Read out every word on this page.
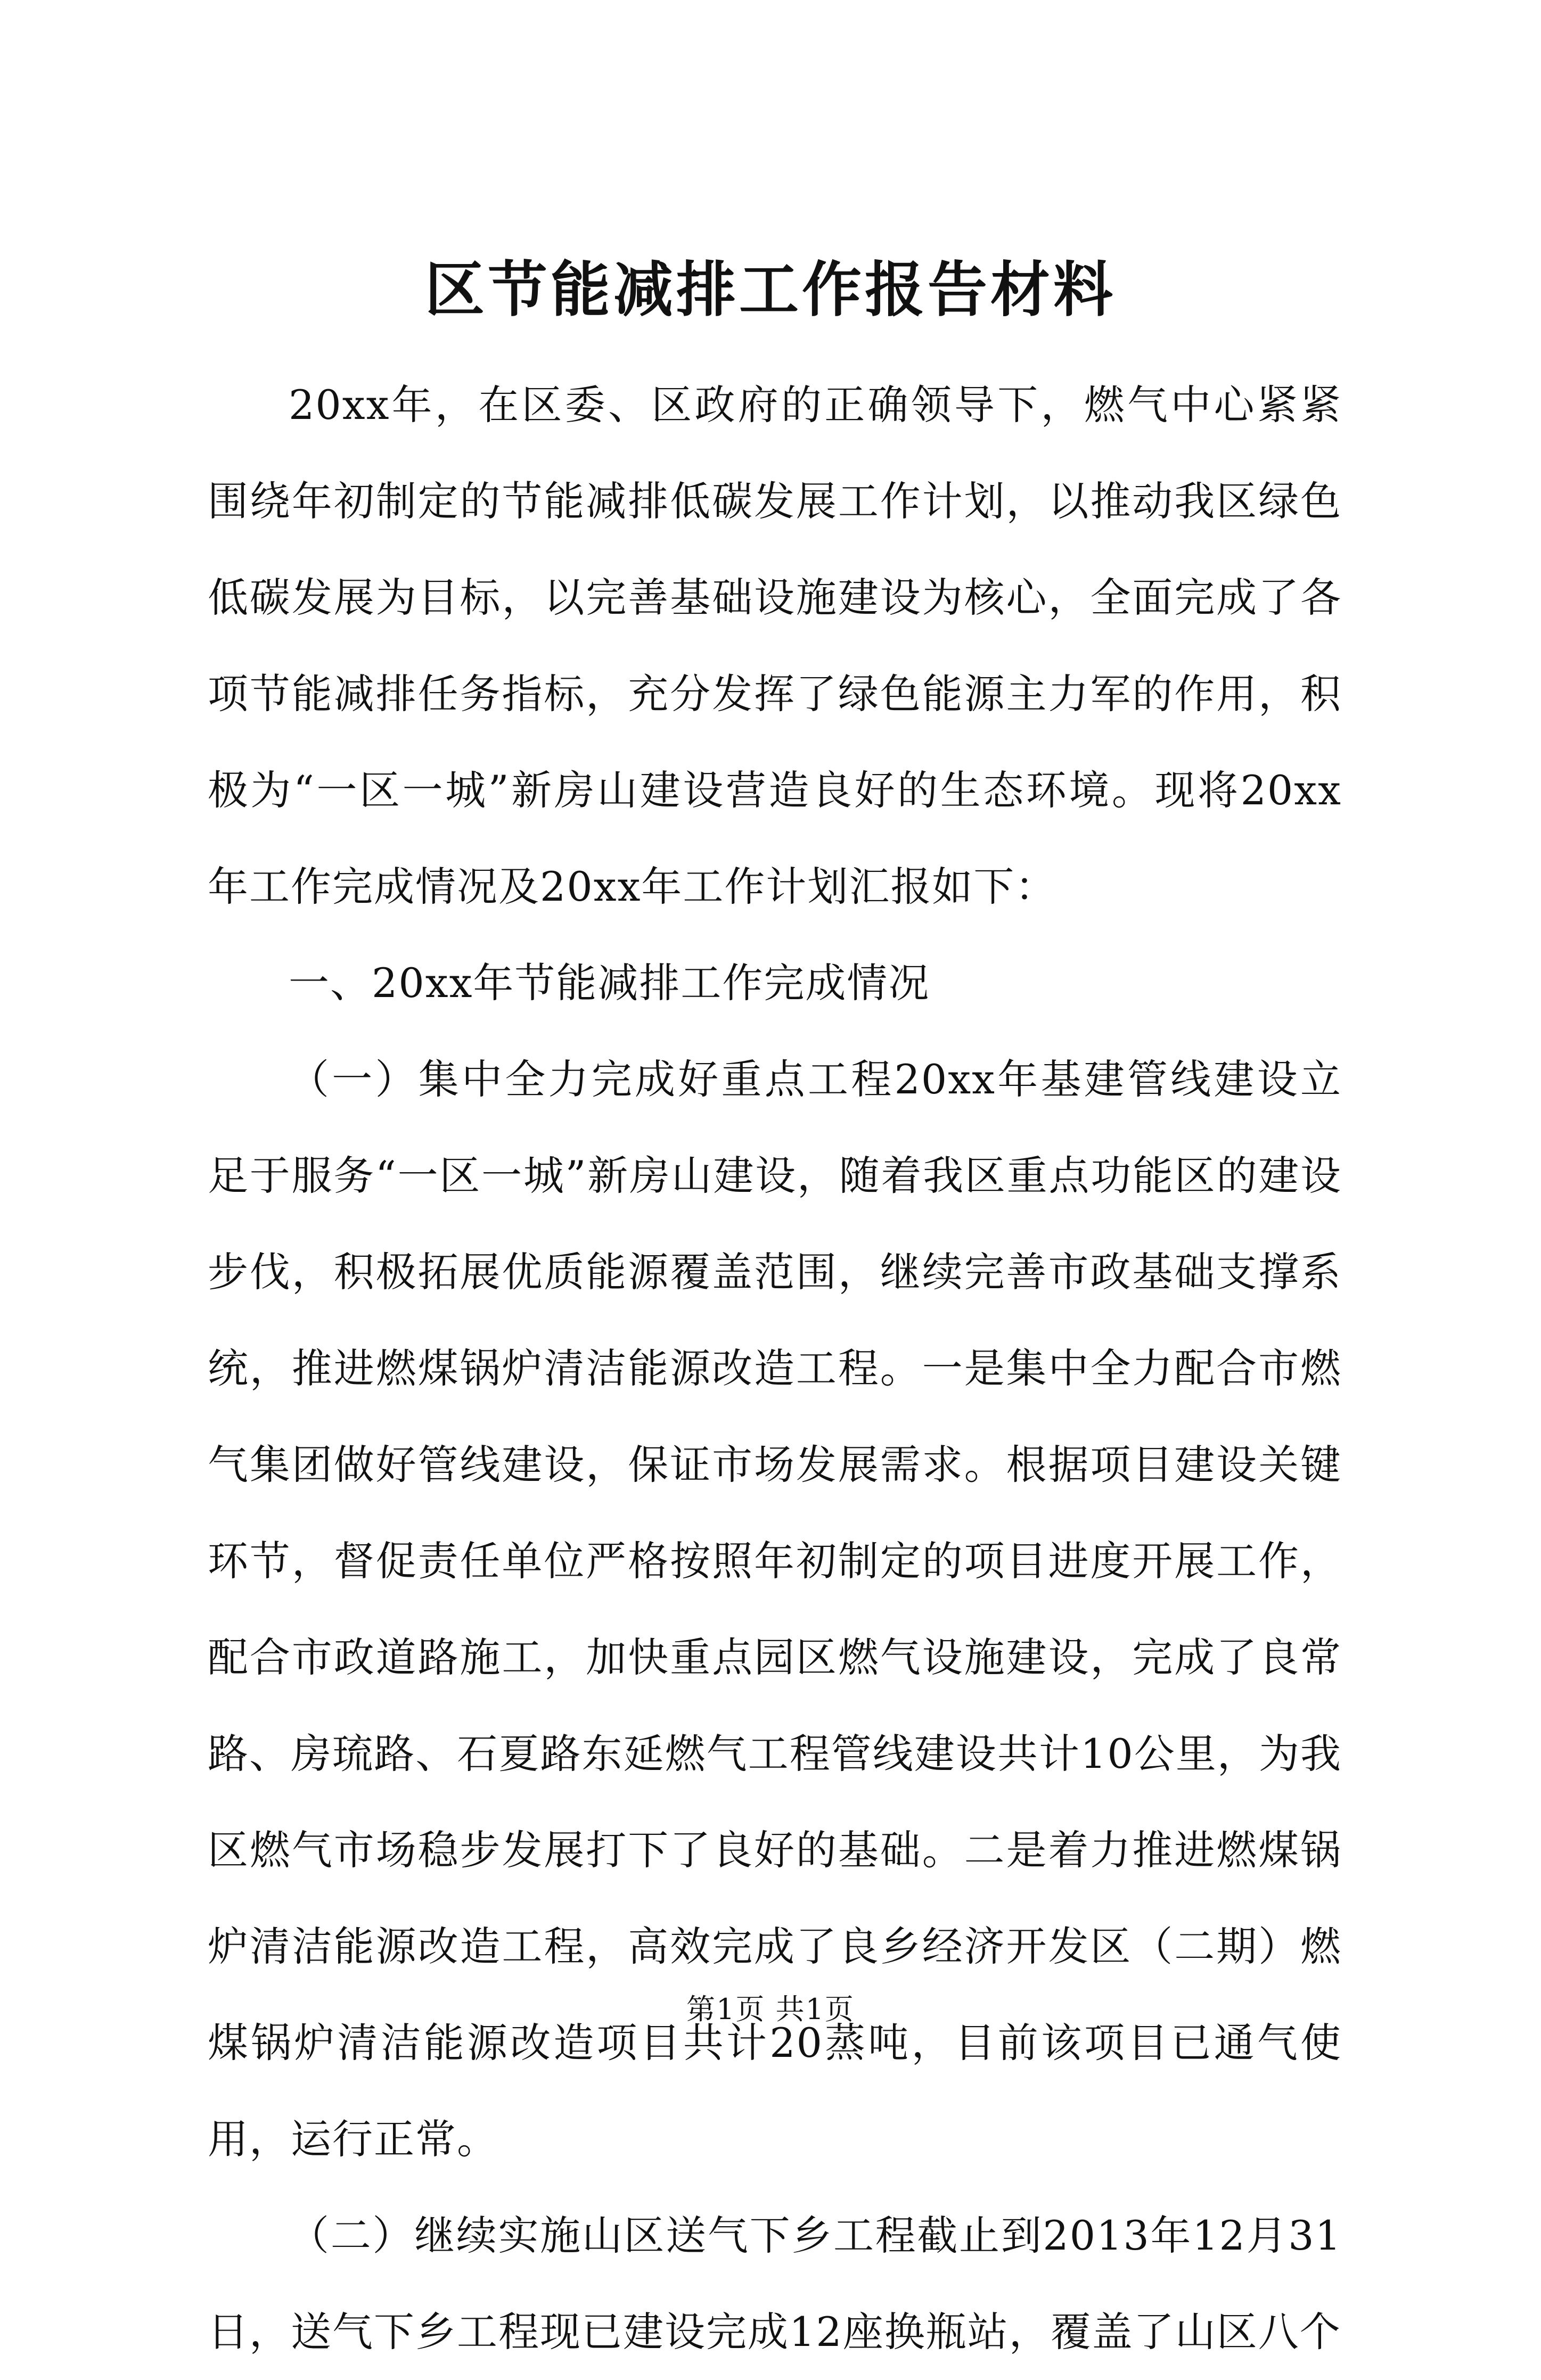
区节能减排工作报告材料

20xx年，在区委、区政府的正确领导下，燃气中心紧紧围绕年初制定的节能减排低碳发展工作计划，以推动我区绿色低碳发展为目标，以完善基础设施建设为核心，全面完成了各项节能减排任务指标，充分发挥了绿色能源主力军的作用，积极为“一区一城”新房山建设营造良好的生态环境。现将20xx年工作完成情况及20xx年工作计划汇报如下：

一、20xx年节能减排工作完成情况

（一）集中全力完成好重点工程20xx年基建管线建设立足于服务“一区一城”新房山建设，随着我区重点功能区的建设步伐，积极拓展优质能源覆盖范围，继续完善市政基础支撑系统，推进燃煤锅炉清洁能源改造工程。一是集中全力配合市燃气集团做好管线建设，保证市场发展需求。根据项目建设关键环节，督促责任单位严格按照年初制定的项目进度开展工作，配合市政道路施工，加快重点园区燃气设施建设，完成了良常路、房琉路、石夏路东延燃气工程管线建设共计10公里，为我区燃气市场稳步发展打下了良好的基础。二是着力推进燃煤锅炉清洁能源改造工程，高效完成了良乡经济开发区（二期）燃煤锅炉清洁能源改造项目共计20蒸吨，目前该项目已通气使用，运行正常。

（二）继续实施山区送气下乡工程截止到2013年12月31日，送气下乡工程现已建设完成12座换瓶站，覆盖了山区八个

第1页 共1页
